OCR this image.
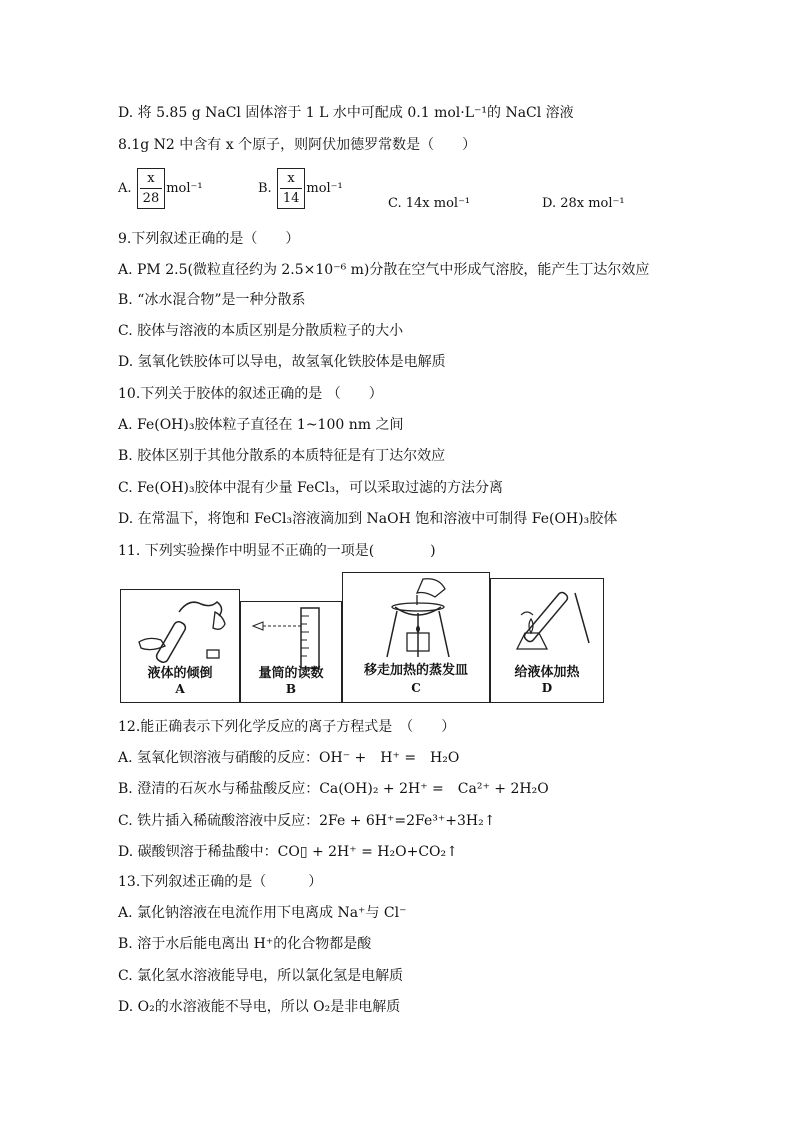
D. 将 5.85 g NaCl 固体溶于 1 L 水中可配成 0.1 mol·L⁻¹的 NaCl 溶液
8.1g N2 中含有 x 个原子，则阿伏加德罗常数是（　　）
A. $\frac{x}{28} mol^{-1}$	B. $\frac{x}{14} mol^{-1}$
C. 14x mol⁻¹	D. 28x mol⁻¹
9.下列叙述正确的是（　　）
A. PM 2.5(微粒直径约为 2.5×10⁻⁶ m)分散在空气中形成气溶胶，能产生丁达尔效应
B. “冰水混合物”是一种分散系
C. 胶体与溶液的本质区别是分散质粒子的大小
D. 氢氧化铁胶体可以导电，故氢氧化铁胶体是电解质
10.下列关于胶体的叙述正确的是 （　　）
A. Fe(OH)₃胶体粒子直径在 1~100 nm 之间
B. 胶体区别于其他分散系的本质特征是有丁达尔效应
C. Fe(OH)₃胶体中混有少量 FeCl₃，可以采取过滤的方法分离
D. 在常温下，将饱和 FeCl₃溶液滴加到 NaOH 饱和溶液中可制得 Fe(OH)₃胶体
11. 下列实验操作中明显不正确的一项是(　　　　)
液体的倾倒
A
量筒的读数
B
移走加热的蒸发皿
C
给液体加热
D
12.能正确表示下列化学反应的离子方程式是　（　　）
A. 氢氧化钡溶液与硝酸的反应：OH⁻ +　H⁺ =　H₂O
B. 澄清的石灰水与稀盐酸反应：Ca(OH)₂ + 2H⁺ =　Ca²⁺ + 2H₂O
C. 铁片插入稀硫酸溶液中反应：2Fe + 6H⁺=2Fe³⁺+3H₂↑
D. 碳酸钡溶于稀盐酸中：CO▯ + 2H⁺ = H₂O+CO₂↑
13.下列叙述正确的是（　　　）
A. 氯化钠溶液在电流作用下电离成 Na⁺与 Cl⁻
B. 溶于水后能电离出 H⁺的化合物都是酸
C. 氯化氢水溶液能导电，所以氯化氢是电解质
D. O₂的水溶液能不导电，所以 O₂是非电解质
